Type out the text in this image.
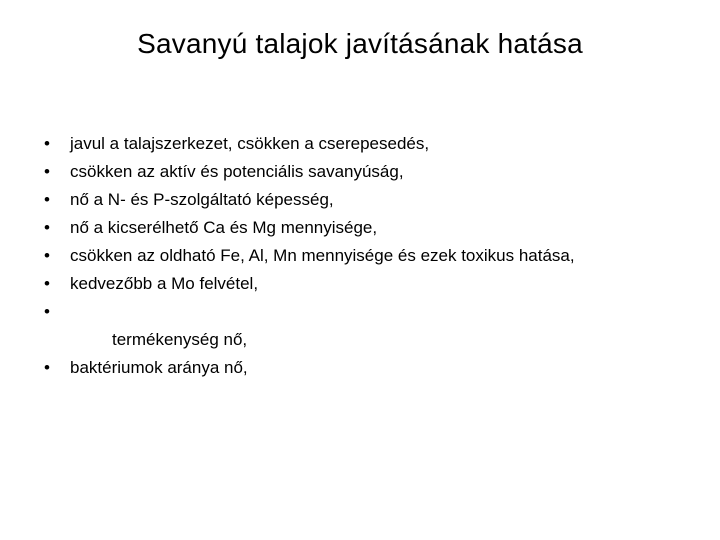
Savanyú talajok javításának hatása
•	javul a talajszerkezet, csökken a cserepesedés,
•	csökken az aktív és potenciális savanyúság,
•	nő a N- és P-szolgáltató képesség,
•	nő a kicserélhető Ca és Mg mennyisége,
•	csökken az oldható Fe, Al, Mn mennyisége és ezek toxikus hatása,
•	kedvezőbb a Mo felvétel,
•
termékenység nő,
•	baktériumok aránya nő,
